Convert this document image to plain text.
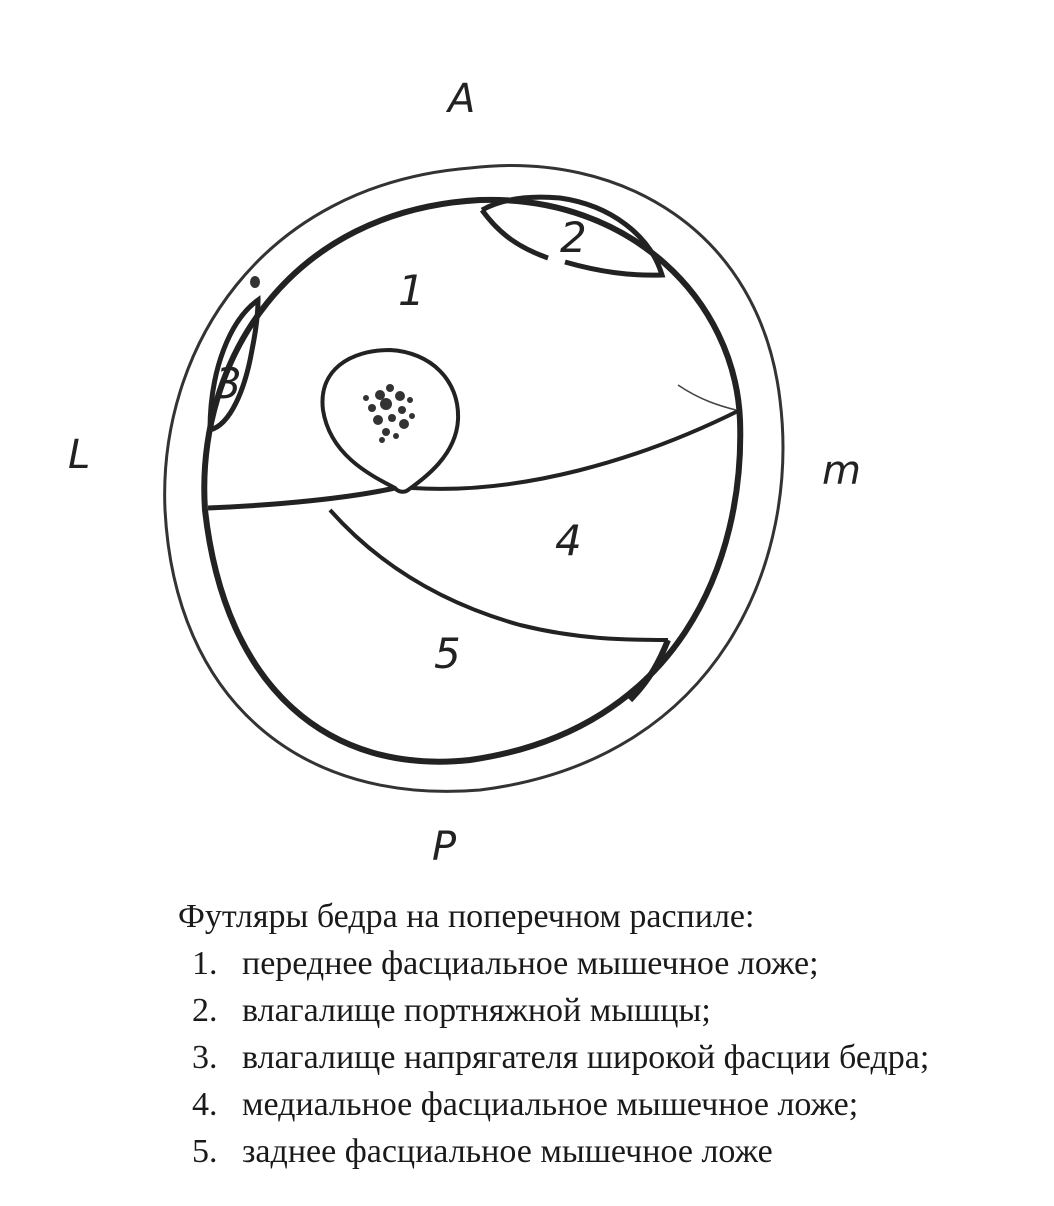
A
P
L	m
1
2
3
4
5

Футляры бедра на поперечном распиле:

1. переднее фасциальное мышечное ложе;
2. влагалище портняжной мышцы;
3. влагалище напрягателя широкой фасции бедра;
4. медиальное фасциальное мышечное ложе;
5. заднее фасциальное мышечное ложе
